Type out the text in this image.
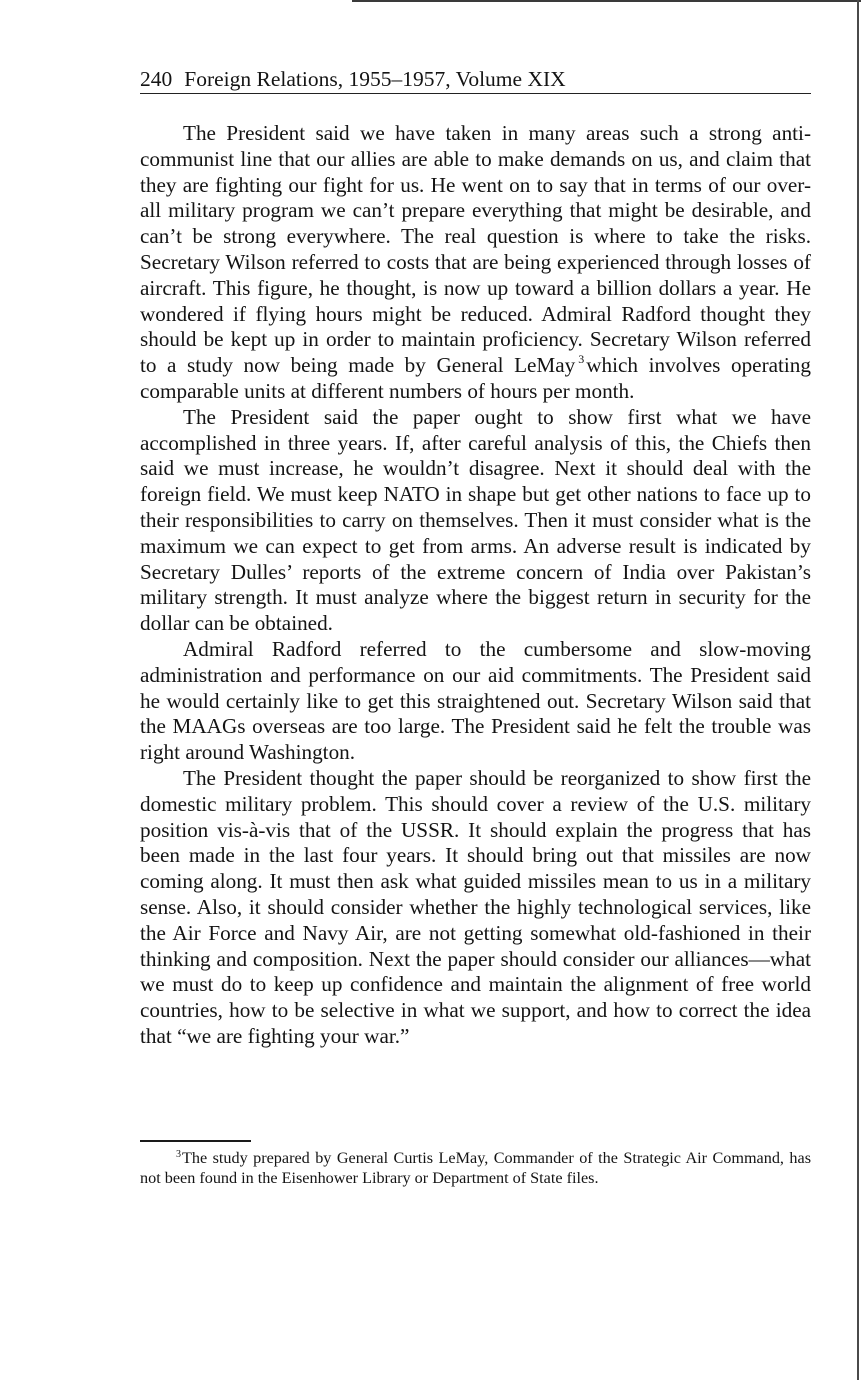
240 Foreign Relations, 1955–1957, Volume XIX

The President said we have taken in many areas such a strong anti-communist line that our allies are able to make demands on us, and claim that they are fighting our fight for us. He went on to say that in terms of our over-all military program we can’t prepare everything that might be desirable, and can’t be strong everywhere. The real question is where to take the risks. Secretary Wilson referred to costs that are being experienced through losses of aircraft. This figure, he thought, is now up toward a billion dollars a year. He wondered if flying hours might be reduced. Admiral Radford thought they should be kept up in order to maintain proficiency. Secretary Wilson referred to a study now being made by General LeMay $^3$which involves operating comparable units at different numbers of hours per month.

The President said the paper ought to show first what we have accomplished in three years. If, after careful analysis of this, the Chiefs then said we must increase, he wouldn’t disagree. Next it should deal with the foreign field. We must keep NATO in shape but get other nations to face up to their responsibilities to carry on themselves. Then it must consider what is the maximum we can expect to get from arms. An adverse result is indicated by Secretary Dulles’ reports of the extreme concern of India over Pakistan’s military strength. It must analyze where the biggest return in security for the dollar can be obtained.

Admiral Radford referred to the cumbersome and slow-moving administration and performance on our aid commitments. The President said he would certainly like to get this straightened out. Secretary Wilson said that the MAAGs overseas are too large. The President said he felt the trouble was right around Washington.

The President thought the paper should be reorganized to show first the domestic military problem. This should cover a review of the U.S. military position vis-à-vis that of the USSR. It should explain the progress that has been made in the last four years. It should bring out that missiles are now coming along. It must then ask what guided missiles mean to us in a military sense. Also, it should consider whether the highly technological services, like the Air Force and Navy Air, are not getting somewhat old-fashioned in their thinking and composition. Next the paper should consider our alliances—what we must do to keep up confidence and maintain the alignment of free world countries, how to be selective in what we support, and how to correct the idea that “we are fighting your war.”

$^3$The study prepared by General Curtis LeMay, Commander of the Strategic Air Command, has not been found in the Eisenhower Library or Department of State files.
